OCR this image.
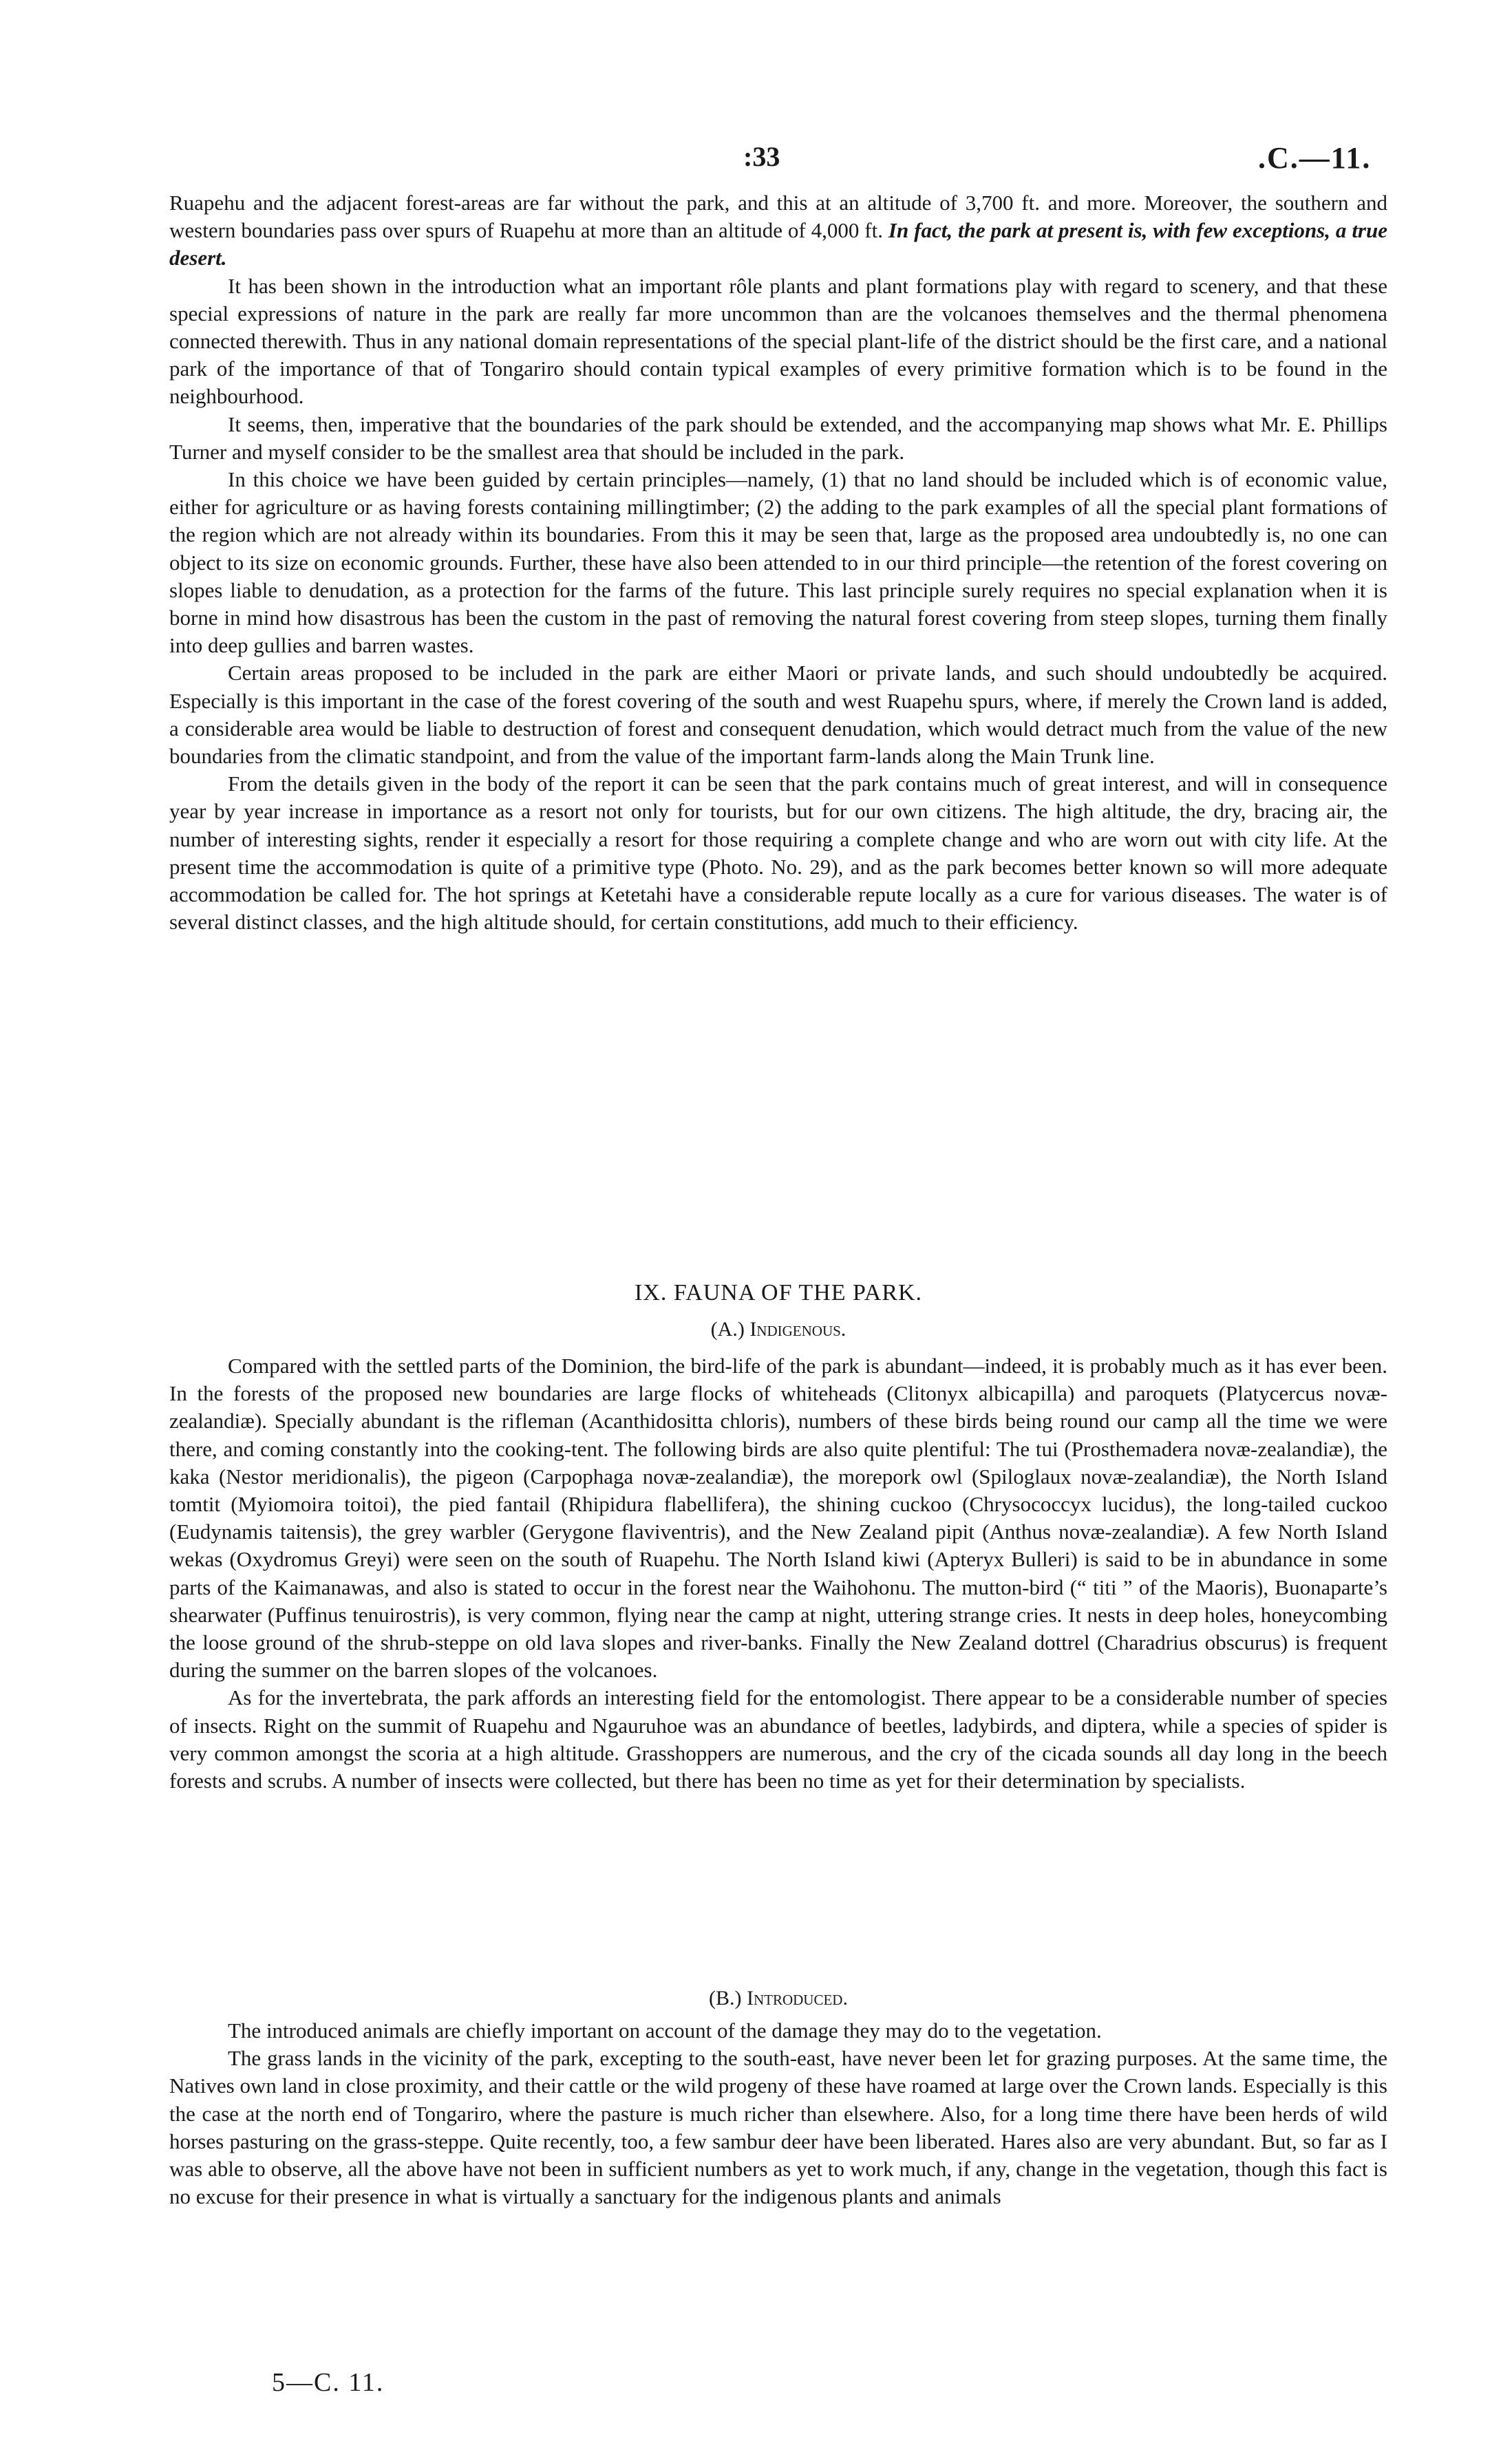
:33	.C.—11.

Ruapehu and the adjacent forest-areas are far without the park, and this at an altitude of 3,700 ft. and more. Moreover, the southern and western boundaries pass over spurs of Ruapehu at more than an altitude of 4,000 ft. In fact, the park at present is, with few exceptions, a true desert.

It has been shown in the introduction what an important rôle plants and plant formations play with regard to scenery, and that these special expressions of nature in the park are really far more uncommon than are the volcanoes themselves and the thermal phenomena connected therewith. Thus in any national domain representations of the special plant-life of the district should be the first care, and a national park of the importance of that of Tongariro should contain typical examples of every primitive formation which is to be found in the neighbourhood.

It seems, then, imperative that the boundaries of the park should be extended, and the accompanying map shows what Mr. E. Phillips Turner and myself consider to be the smallest area that should be included in the park.

In this choice we have been guided by certain principles—namely, (1) that no land should be included which is of economic value, either for agriculture or as having forests containing millingtimber; (2) the adding to the park examples of all the special plant formations of the region which are not already within its boundaries. From this it may be seen that, large as the proposed area undoubtedly is, no one can object to its size on economic grounds. Further, these have also been attended to in our third principle—the retention of the forest covering on slopes liable to denudation, as a protection for the farms of the future. This last principle surely requires no special explanation when it is borne in mind how disastrous has been the custom in the past of removing the natural forest covering from steep slopes, turning them finally into deep gullies and barren wastes.

Certain areas proposed to be included in the park are either Maori or private lands, and such should undoubtedly be acquired. Especially is this important in the case of the forest covering of the south and west Ruapehu spurs, where, if merely the Crown land is added, a considerable area would be liable to destruction of forest and consequent denudation, which would detract much from the value of the new boundaries from the climatic standpoint, and from the value of the important farm-lands along the Main Trunk line.

From the details given in the body of the report it can be seen that the park contains much of great interest, and will in consequence year by year increase in importance as a resort not only for tourists, but for our own citizens. The high altitude, the dry, bracing air, the number of interesting sights, render it especially a resort for those requiring a complete change and who are worn out with city life. At the present time the accommodation is quite of a primitive type (Photo. No. 29), and as the park becomes better known so will more adequate accommodation be called for. The hot springs at Ketetahi have a considerable repute locally as a cure for various diseases. The water is of several distinct classes, and the high altitude should, for certain constitutions, add much to their efficiency.

IX. FAUNA OF THE PARK.

(A.) Indigenous.

Compared with the settled parts of the Dominion, the bird-life of the park is abundant—indeed, it is probably much as it has ever been. In the forests of the proposed new boundaries are large flocks of whiteheads (Clitonyx albicapilla) and paroquets (Platycercus novæ-zealandiæ). Specially abundant is the rifleman (Acanthidositta chloris), numbers of these birds being round our camp all the time we were there, and coming constantly into the cooking-tent. The following birds are also quite plentiful: The tui (Prosthemadera novæ-zealandiæ), the kaka (Nestor meridionalis), the pigeon (Carpophaga novæ-zealandiæ), the morepork owl (Spiloglaux novæ-zealandiæ), the North Island tomtit (Myiomoira toitoi), the pied fantail (Rhipidura flabellifera), the shining cuckoo (Chrysococcyx lucidus), the long-tailed cuckoo (Eudynamis taitensis), the grey warbler (Gerygone flaviventris), and the New Zealand pipit (Anthus novæ-zealandiæ). A few North Island wekas (Oxydromus Greyi) were seen on the south of Ruapehu. The North Island kiwi (Apteryx Bulleri) is said to be in abundance in some parts of the Kaimanawas, and also is stated to occur in the forest near the Waihohonu. The mutton-bird (“ titi ” of the Maoris), Buonaparte’s shearwater (Puffinus tenuirostris), is very common, flying near the camp at night, uttering strange cries. It nests in deep holes, honeycombing the loose ground of the shrub-steppe on old lava slopes and river-banks. Finally the New Zealand dottrel (Charadrius obscurus) is frequent during the summer on the barren slopes of the volcanoes.

As for the invertebrata, the park affords an interesting field for the entomologist. There appear to be a considerable number of species of insects. Right on the summit of Ruapehu and Ngauruhoe was an abundance of beetles, ladybirds, and diptera, while a species of spider is very common amongst the scoria at a high altitude. Grasshoppers are numerous, and the cry of the cicada sounds all day long in the beech forests and scrubs. A number of insects were collected, but there has been no time as yet for their determination by specialists.

(B.) Introduced.

The introduced animals are chiefly important on account of the damage they may do to the vegetation.

The grass lands in the vicinity of the park, excepting to the south-east, have never been let for grazing purposes. At the same time, the Natives own land in close proximity, and their cattle or the wild progeny of these have roamed at large over the Crown lands. Especially is this the case at the north end of Tongariro, where the pasture is much richer than elsewhere. Also, for a long time there have been herds of wild horses pasturing on the grass-steppe. Quite recently, too, a few sambur deer have been liberated. Hares also are very abundant. But, so far as I was able to observe, all the above have not been in sufficient numbers as yet to work much, if any, change in the vegetation, though this fact is no excuse for their presence in what is virtually a sanctuary for the indigenous plants and animals

5—C. 11.
